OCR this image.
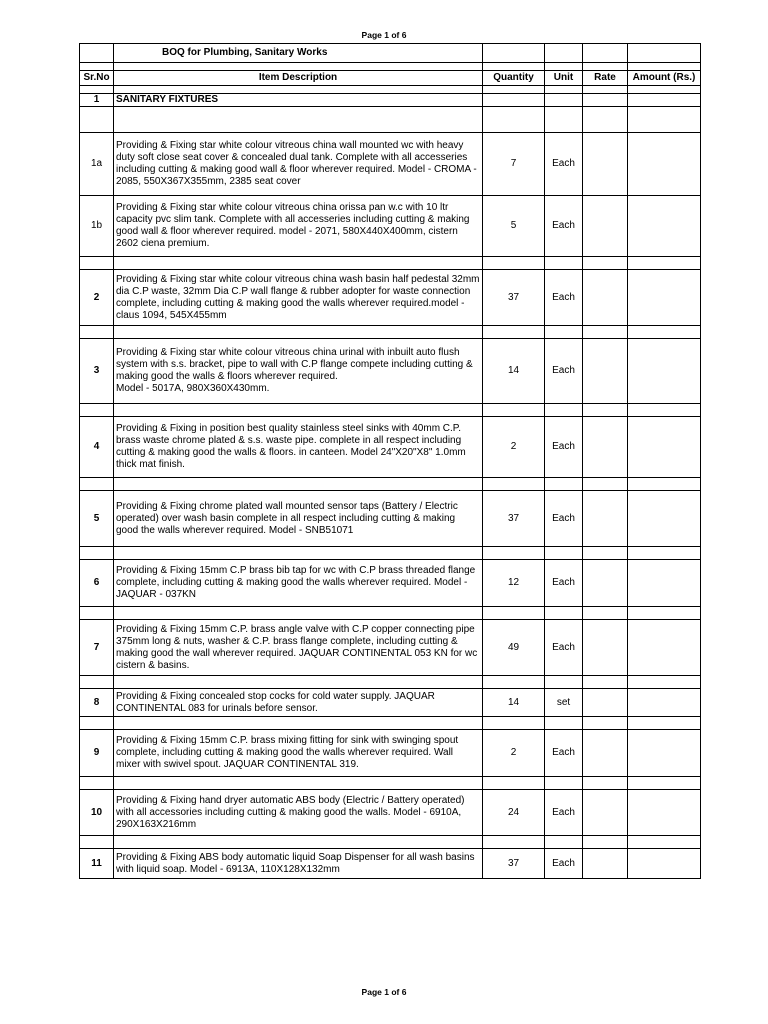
Page 1 of 6
	BOQ for Plumbing, Sanitary Works				

Sr.No	Item Description	Quantity	Unit	Rate	Amount (Rs.)

1	SANITARY FIXTURES				

1a	Providing & Fixing star white colour vitreous china wall mounted wc with heavy duty soft close seat cover & concealed dual tank. Complete with all accesseries including cutting & making good wall & floor wherever required. Model - CROMA - 2085, 550X367X355mm, 2385 seat cover	7	Each		
1b	Providing & Fixing star white colour vitreous china orissa pan w.c with 10 ltr capacity pvc slim tank. Complete with all accesseries including cutting & making good wall & floor wherever required. model - 2071, 580X440X400mm, cistern 2602 ciena premium.	5	Each		

2	Providing & Fixing star white colour vitreous china wash basin half pedestal 32mm dia C.P waste, 32mm Dia C.P wall flange & rubber adopter for waste connection complete, including cutting & making good the walls wherever required.model - claus 1094, 545X455mm	37	Each		

3	Providing & Fixing star white colour vitreous china urinal with inbuilt auto flush system with s.s. bracket, pipe to wall with C.P flange compete including cutting & making good the walls & floors wherever required.
Model - 5017A, 980X360X430mm.	14	Each		

4	Providing & Fixing in position best quality stainless steel sinks with 40mm C.P. brass waste chrome plated & s.s. waste pipe. complete in all respect including cutting & making good the walls & floors. in canteen. Model 24"X20"X8" 1.0mm thick mat finish.	2	Each		

5	Providing & Fixing chrome plated wall mounted sensor taps (Battery / Electric operated) over wash basin complete in all respect including cutting & making good the walls wherever required. Model - SNB51071	37	Each		

6	Providing & Fixing 15mm C.P brass bib tap for wc with C.P brass threaded flange complete, including cutting & making good the walls wherever required. Model - JAQUAR - 037KN	12	Each		

7	Providing & Fixing 15mm C.P. brass angle valve with C.P copper connecting pipe 375mm long & nuts, washer & C.P. brass flange complete, including cutting & making good the wall wherever required. JAQUAR CONTINENTAL 053 KN for wc cistern & basins.	49	Each		

8	Providing & Fixing concealed stop cocks for cold water supply. JAQUAR CONTINENTAL 083 for urinals before sensor.	14	set		

9	Providing & Fixing 15mm C.P. brass mixing fitting for sink with swinging spout complete, including cutting & making good the walls wherever required. Wall mixer with swivel spout. JAQUAR CONTINENTAL 319.	2	Each		

10	Providing & Fixing hand dryer automatic ABS body (Electric / Battery operated) with all accessories including cutting & making good the walls. Model - 6910A, 290X163X216mm	24	Each		

11	Providing & Fixing ABS body automatic liquid Soap Dispenser for all wash basins with liquid soap. Model - 6913A, 110X128X132mm	37	Each		
Page 1 of 6
